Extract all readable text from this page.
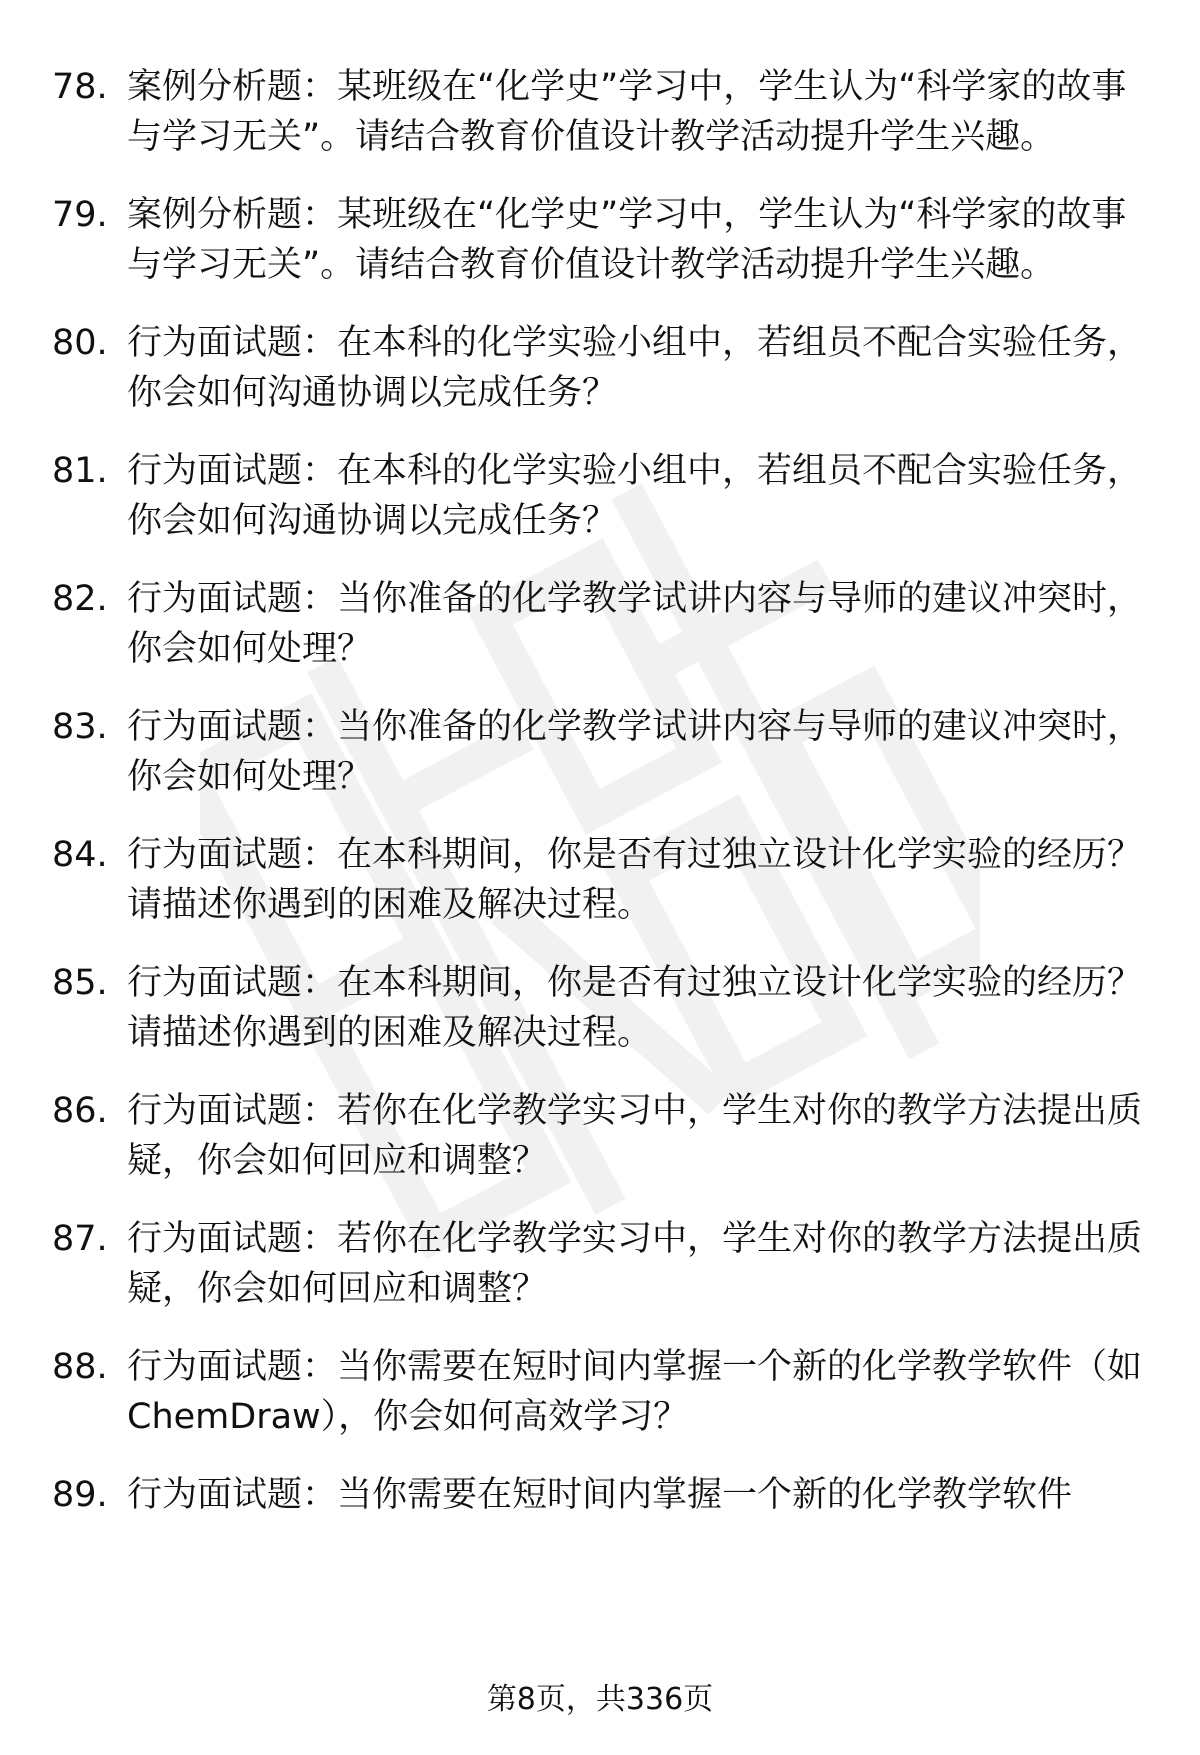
78. 案例分析题：某班级在“化学史”学习中，学生认为“科学家的故事与学习无关”。请结合教育价值设计教学活动提升学生兴趣。
79. 案例分析题：某班级在“化学史”学习中，学生认为“科学家的故事与学习无关”。请结合教育价值设计教学活动提升学生兴趣。
80. 行为面试题：在本科的化学实验小组中，若组员不配合实验任务，你会如何沟通协调以完成任务？
81. 行为面试题：在本科的化学实验小组中，若组员不配合实验任务，你会如何沟通协调以完成任务？
82. 行为面试题：当你准备的化学教学试讲内容与导师的建议冲突时，你会如何处理？
83. 行为面试题：当你准备的化学教学试讲内容与导师的建议冲突时，你会如何处理？
84. 行为面试题：在本科期间，你是否有过独立设计化学实验的经历？请描述你遇到的困难及解决过程。
85. 行为面试题：在本科期间，你是否有过独立设计化学实验的经历？请描述你遇到的困难及解决过程。
86. 行为面试题：若你在化学教学实习中，学生对你的教学方法提出质疑，你会如何回应和调整？
87. 行为面试题：若你在化学教学实习中，学生对你的教学方法提出质疑，你会如何回应和调整？
88. 行为面试题：当你需要在短时间内掌握一个新的化学教学软件（如ChemDraw），你会如何高效学习？
89. 行为面试题：当你需要在短时间内掌握一个新的化学教学软件
第8页，共336页
